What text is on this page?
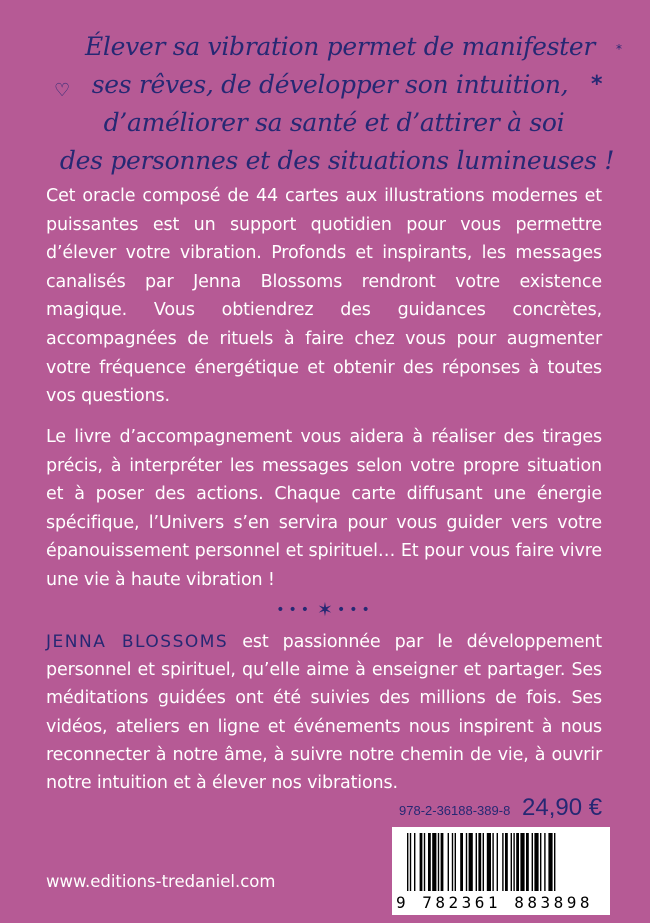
Élever sa vibration permet de manifester
ses rêves, de développer son intuition,
d’améliorer sa santé et d’attirer à soi
des personnes et des situations lumineuses !
♡
*
*

Cet oracle composé de 44 cartes aux illustrations modernes et puissantes est un support quotidien pour vous permettre d’élever votre vibration. Profonds et inspirants, les messages canalisés par Jenna Blossoms rendront votre existence magique. Vous obtiendrez des guidances concrètes, accompagnées de rituels à faire chez vous pour augmenter votre fréquence énergétique et obtenir des réponses à toutes vos questions.

Le livre d’accompagnement vous aidera à réaliser des tirages précis, à interpréter les messages selon votre propre situation et à poser des actions. Chaque carte diffusant une énergie spécifique, l’Univers s’en servira pour vous guider vers votre épanouissement personnel et spirituel… Et pour vous faire vivre une vie à haute vibration !

••• ✶ •••

JENNA BLOSSOMS est passionnée par le développement personnel et spirituel, qu’elle aime à enseigner et partager. Ses méditations guidées ont été suivies des millions de fois. Ses vidéos, ateliers en ligne et événements nous inspirent à nous reconnecter à notre âme, à suivre notre chemin de vie, à ouvrir notre intuition et à élever nos vibrations.

978-2-36188-389-8 24,90 €
9 782361 883898
www.editions-tredaniel.com
